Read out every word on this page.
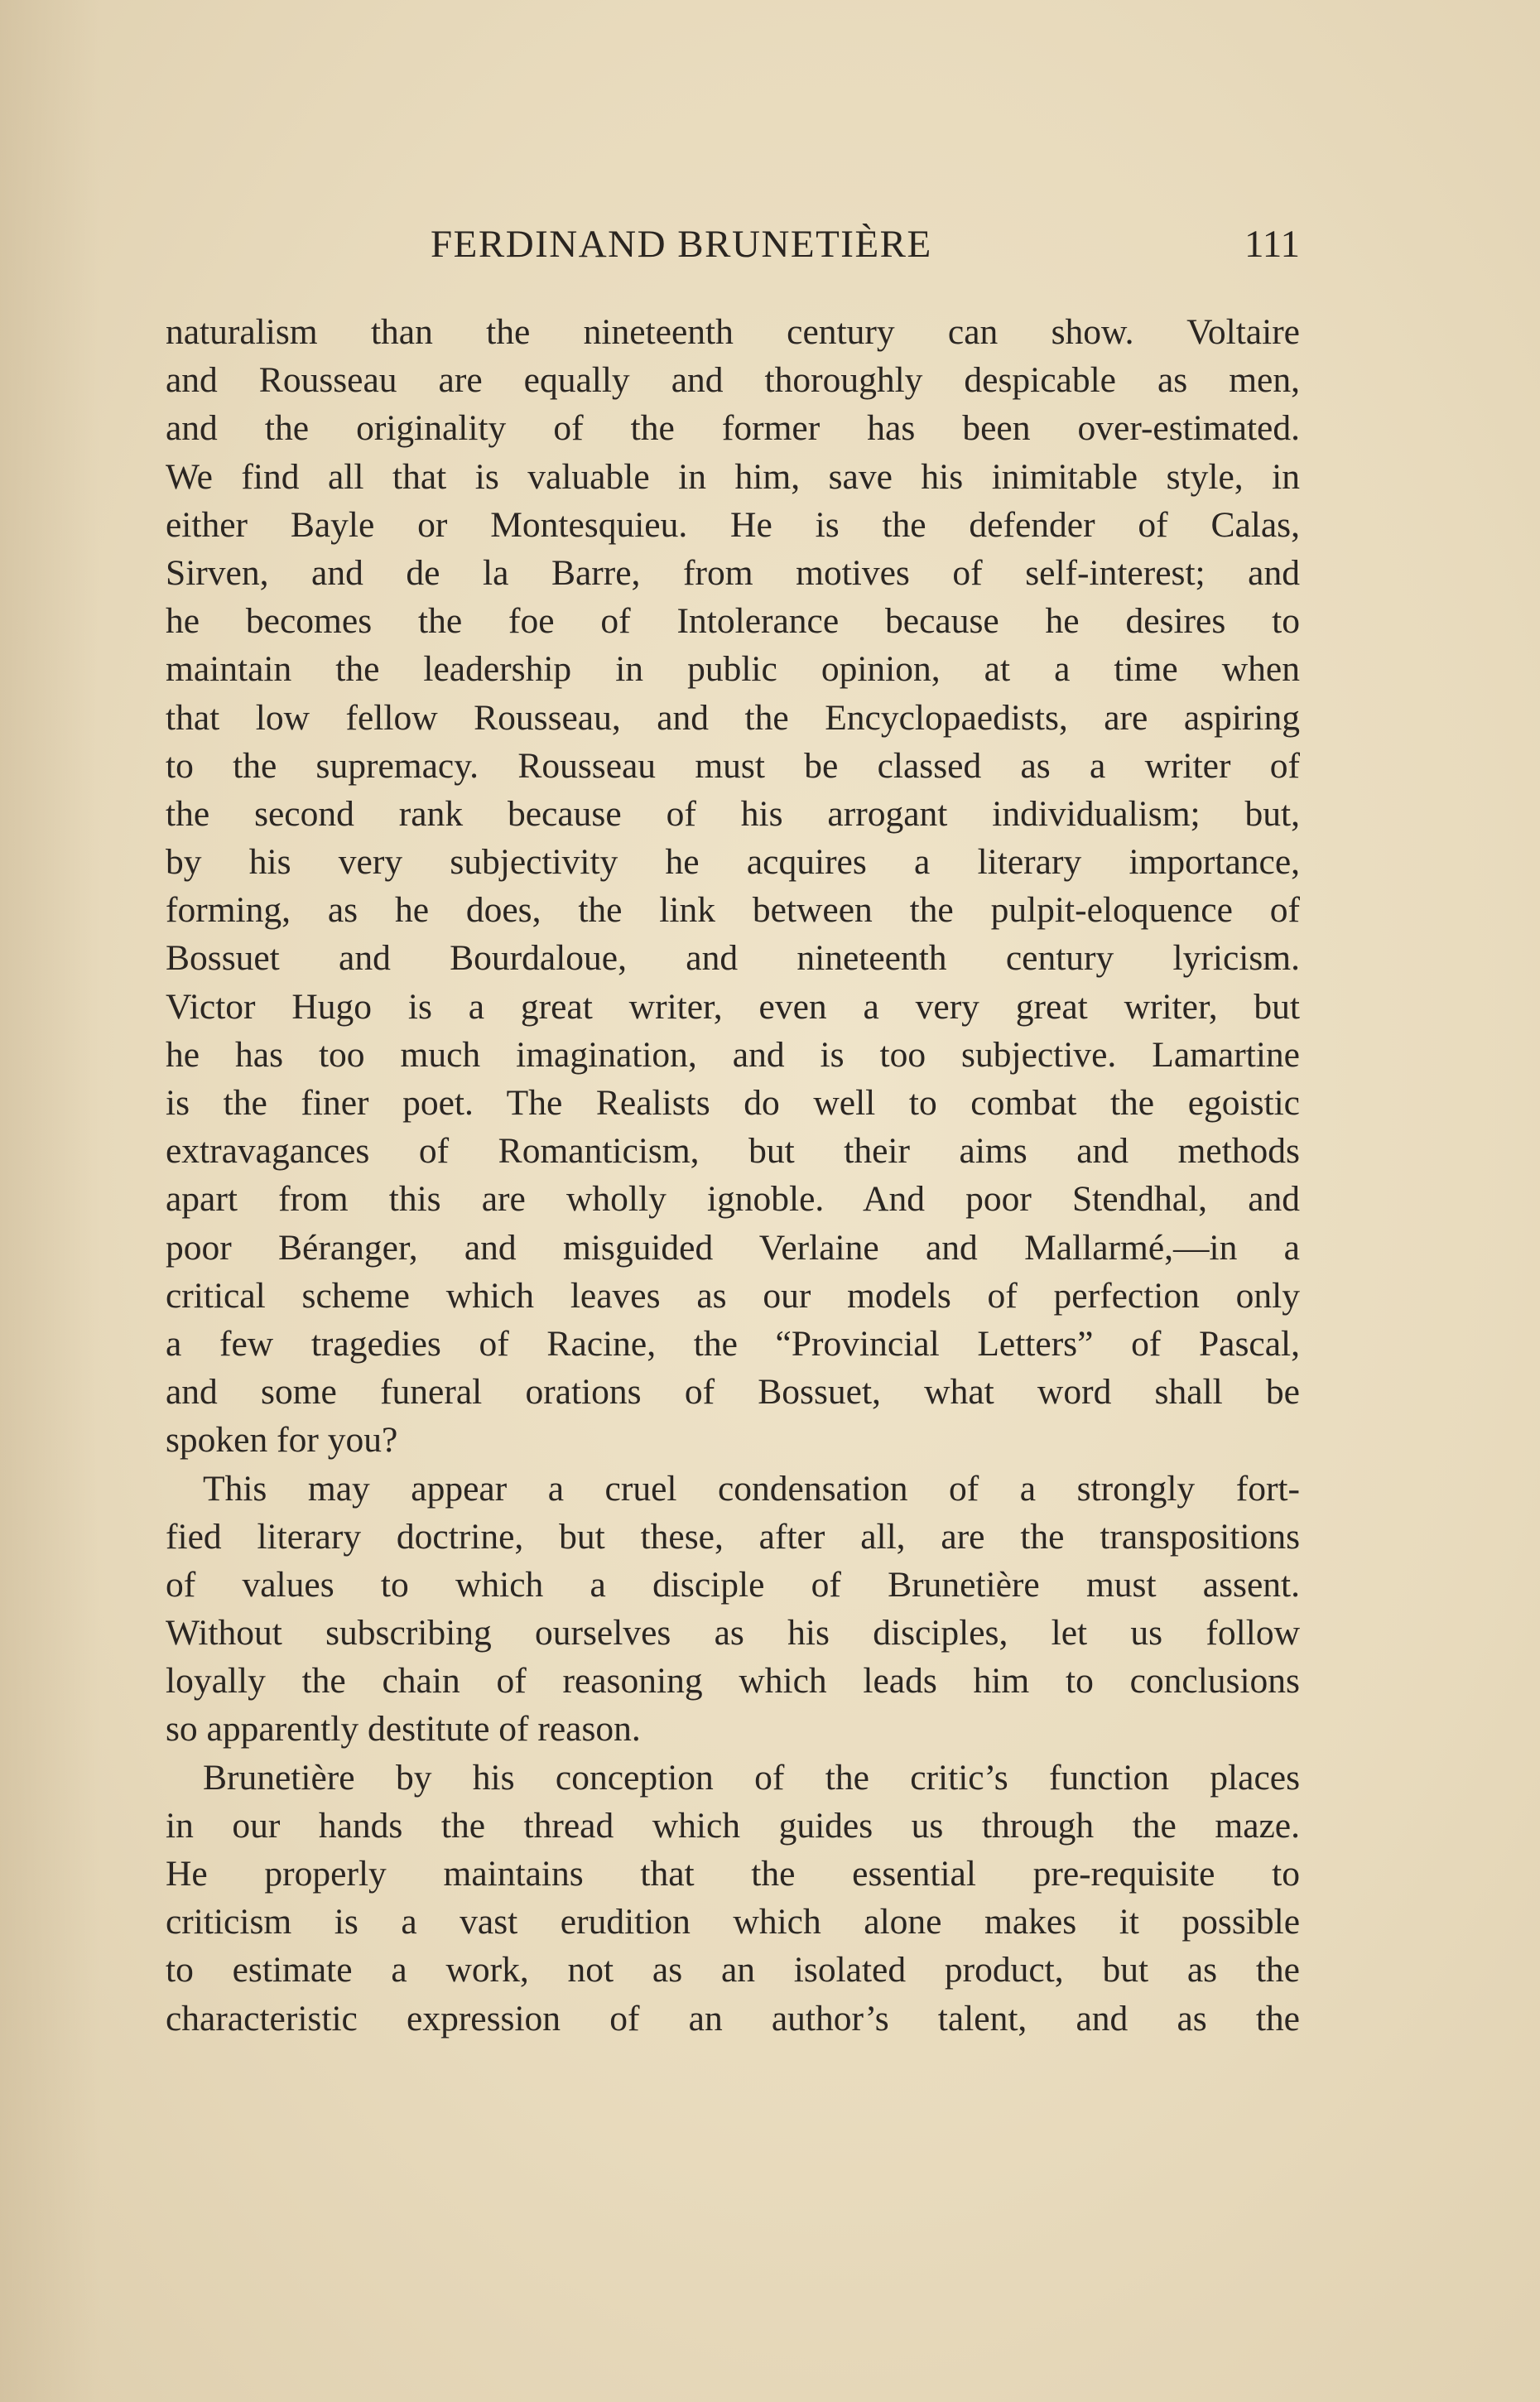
FERDINAND BRUNETIÈRE	111
naturalism than the nineteenth century can show. Voltaire
and Rousseau are equally and thoroughly despicable as men,
and the originality of the former has been over-estimated.
We find all that is valuable in him, save his inimitable style, in
either Bayle or Montesquieu. He is the defender of Calas,
Sirven, and de la Barre, from motives of self-interest; and
he becomes the foe of Intolerance because he desires to
maintain the leadership in public opinion, at a time when
that low fellow Rousseau, and the Encyclopaedists, are aspiring
to the supremacy. Rousseau must be classed as a writer of
the second rank because of his arrogant individualism; but,
by his very subjectivity he acquires a literary importance,
forming, as he does, the link between the pulpit-eloquence of
Bossuet and Bourdaloue, and nineteenth century lyricism.
Victor Hugo is a great writer, even a very great writer, but
he has too much imagination, and is too subjective. Lamartine
is the finer poet. The Realists do well to combat the egoistic
extravagances of Romanticism, but their aims and methods
apart from this are wholly ignoble. And poor Stendhal, and
poor Béranger, and misguided Verlaine and Mallarmé,—in a
critical scheme which leaves as our models of perfection only
a few tragedies of Racine, the “Provincial Letters” of Pascal,
and some funeral orations of Bossuet, what word shall be
spoken for you?
This may appear a cruel condensation of a strongly fort-
fied literary doctrine, but these, after all, are the transpositions
of values to which a disciple of Brunetière must assent.
Without subscribing ourselves as his disciples, let us follow
loyally the chain of reasoning which leads him to conclusions
so apparently destitute of reason.
Brunetière by his conception of the critic’s function places
in our hands the thread which guides us through the maze.
He properly maintains that the essential pre-requisite to
criticism is a vast erudition which alone makes it possible
to estimate a work, not as an isolated product, but as the
characteristic expression of an author’s talent, and as the
